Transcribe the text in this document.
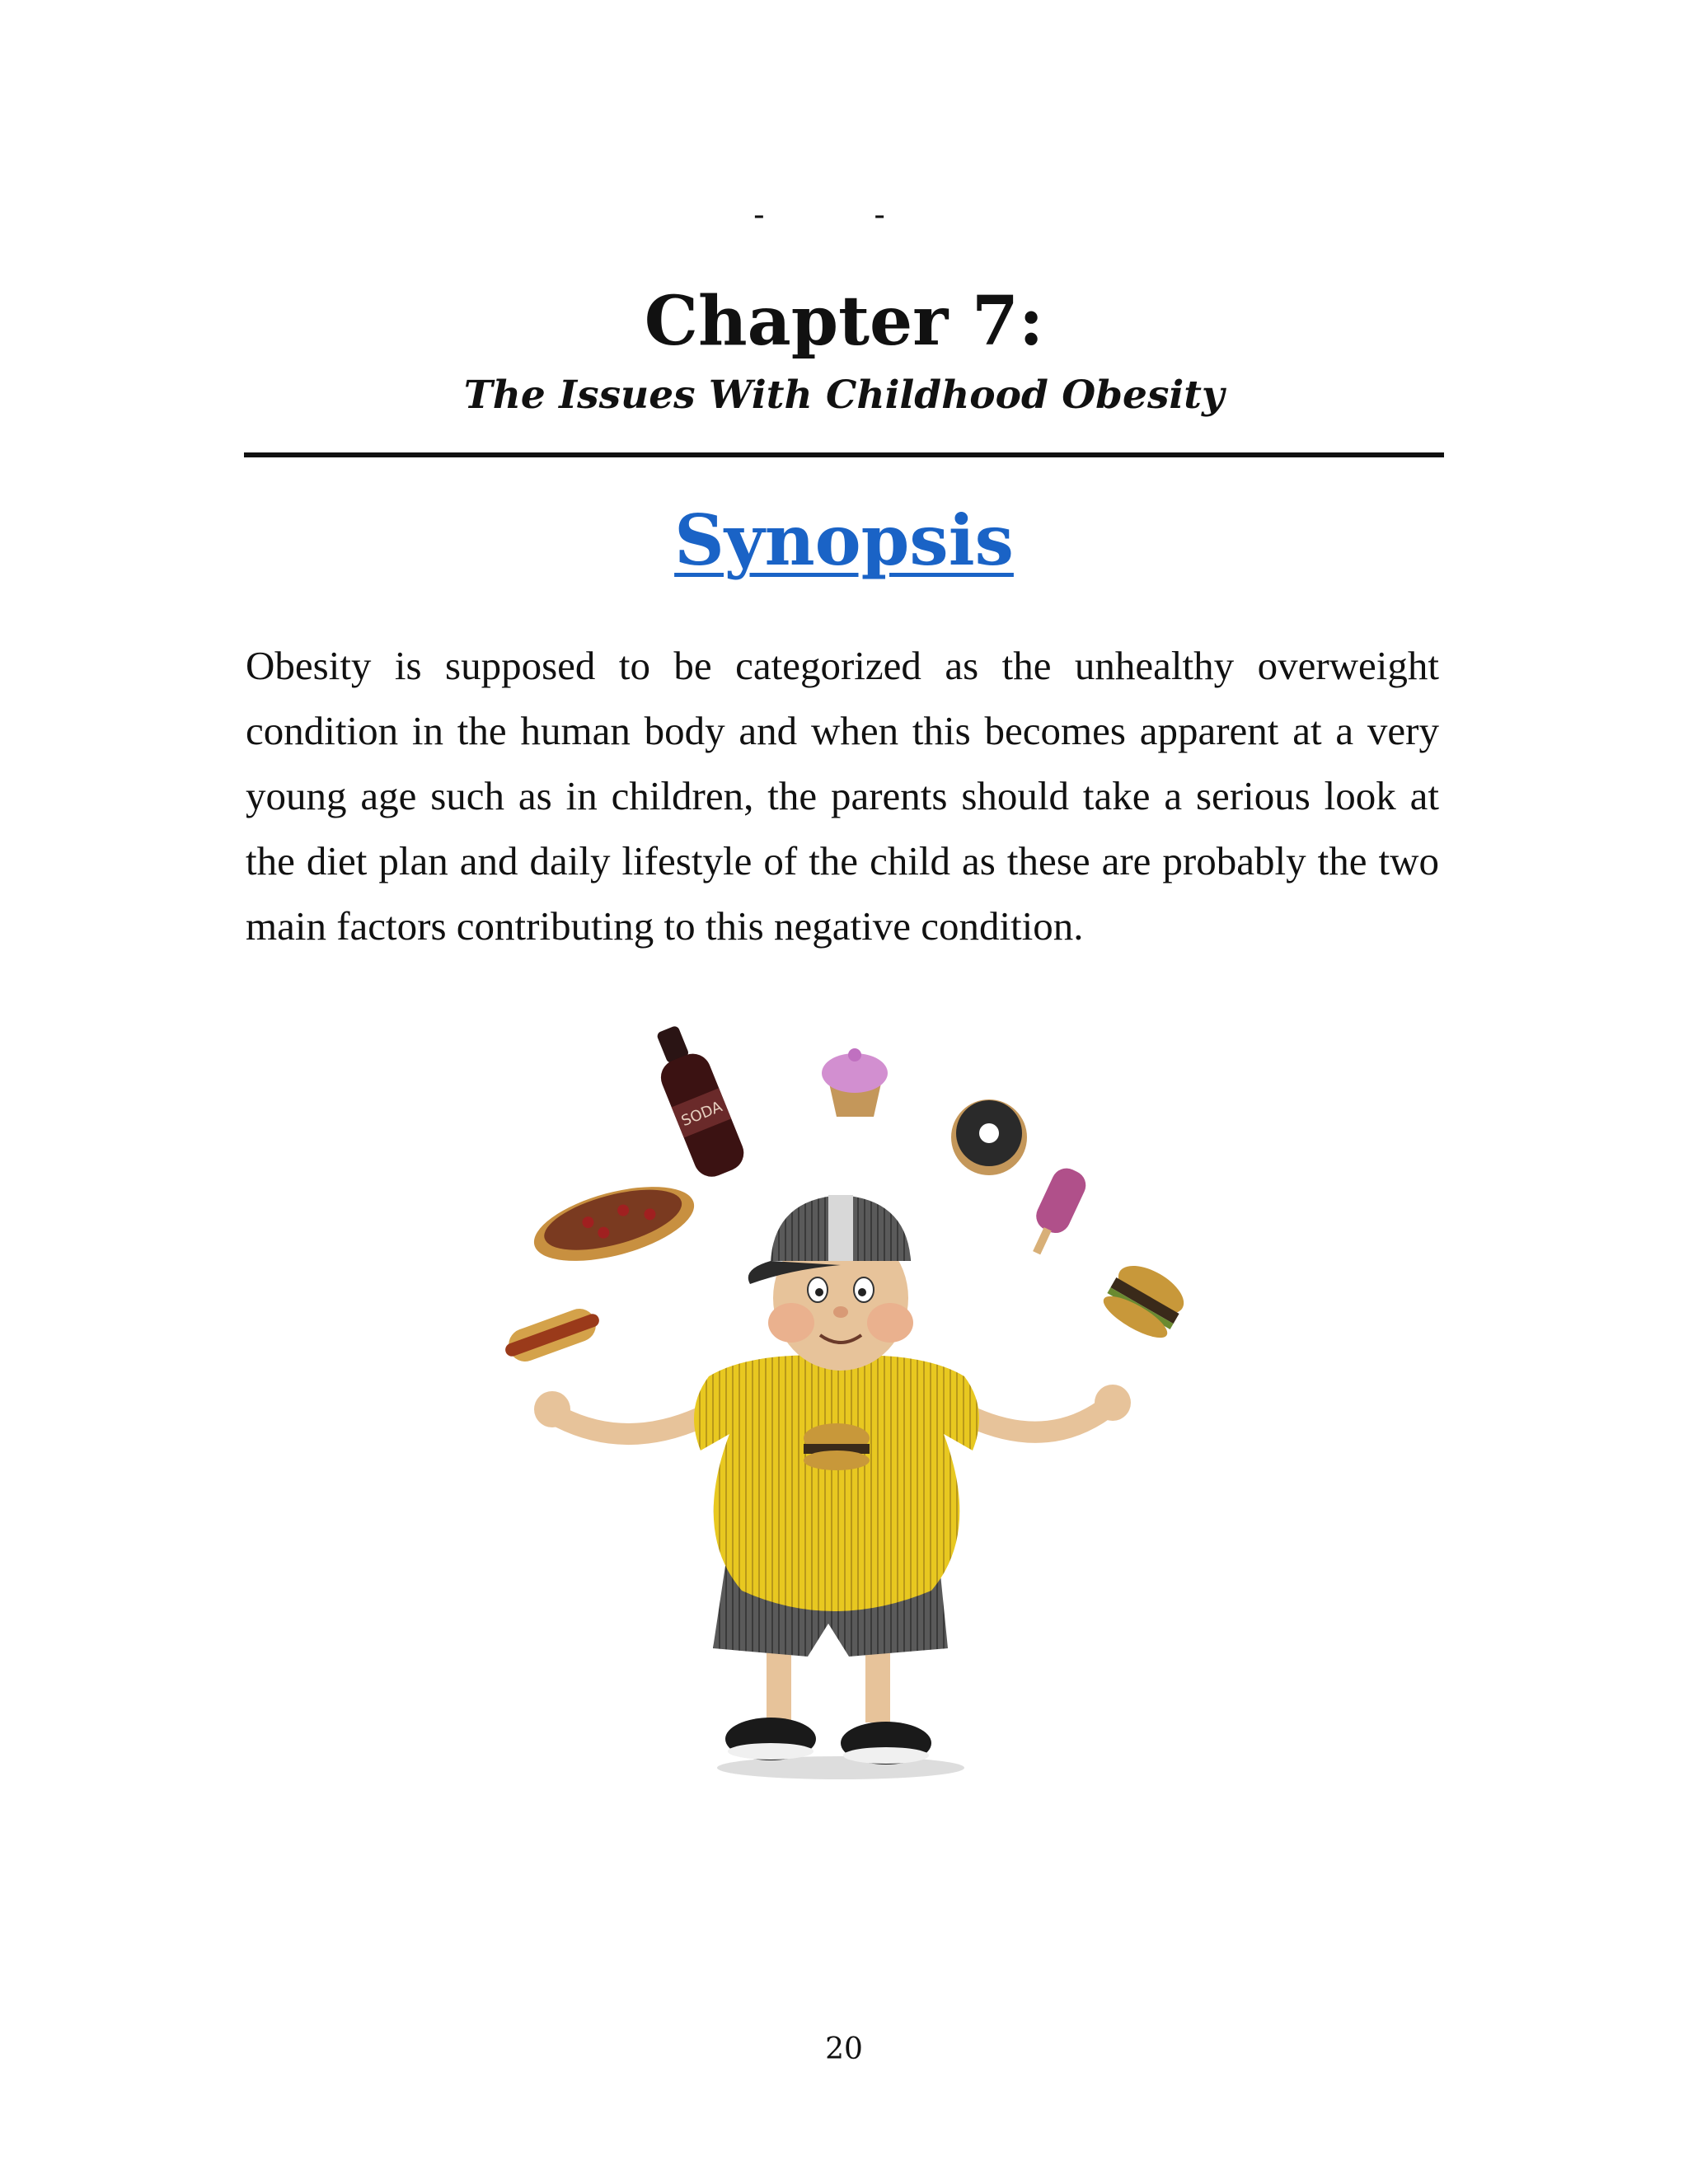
- -
Chapter 7:
The Issues With Childhood Obesity
Synopsis

Obesity is supposed to be categorized as the unhealthy overweight condition in the human body and when this becomes apparent at a very young age such as in children, the parents should take a serious look at the diet plan and daily lifestyle of the child as these are probably the two main factors contributing to this negative condition.

SODA
20
